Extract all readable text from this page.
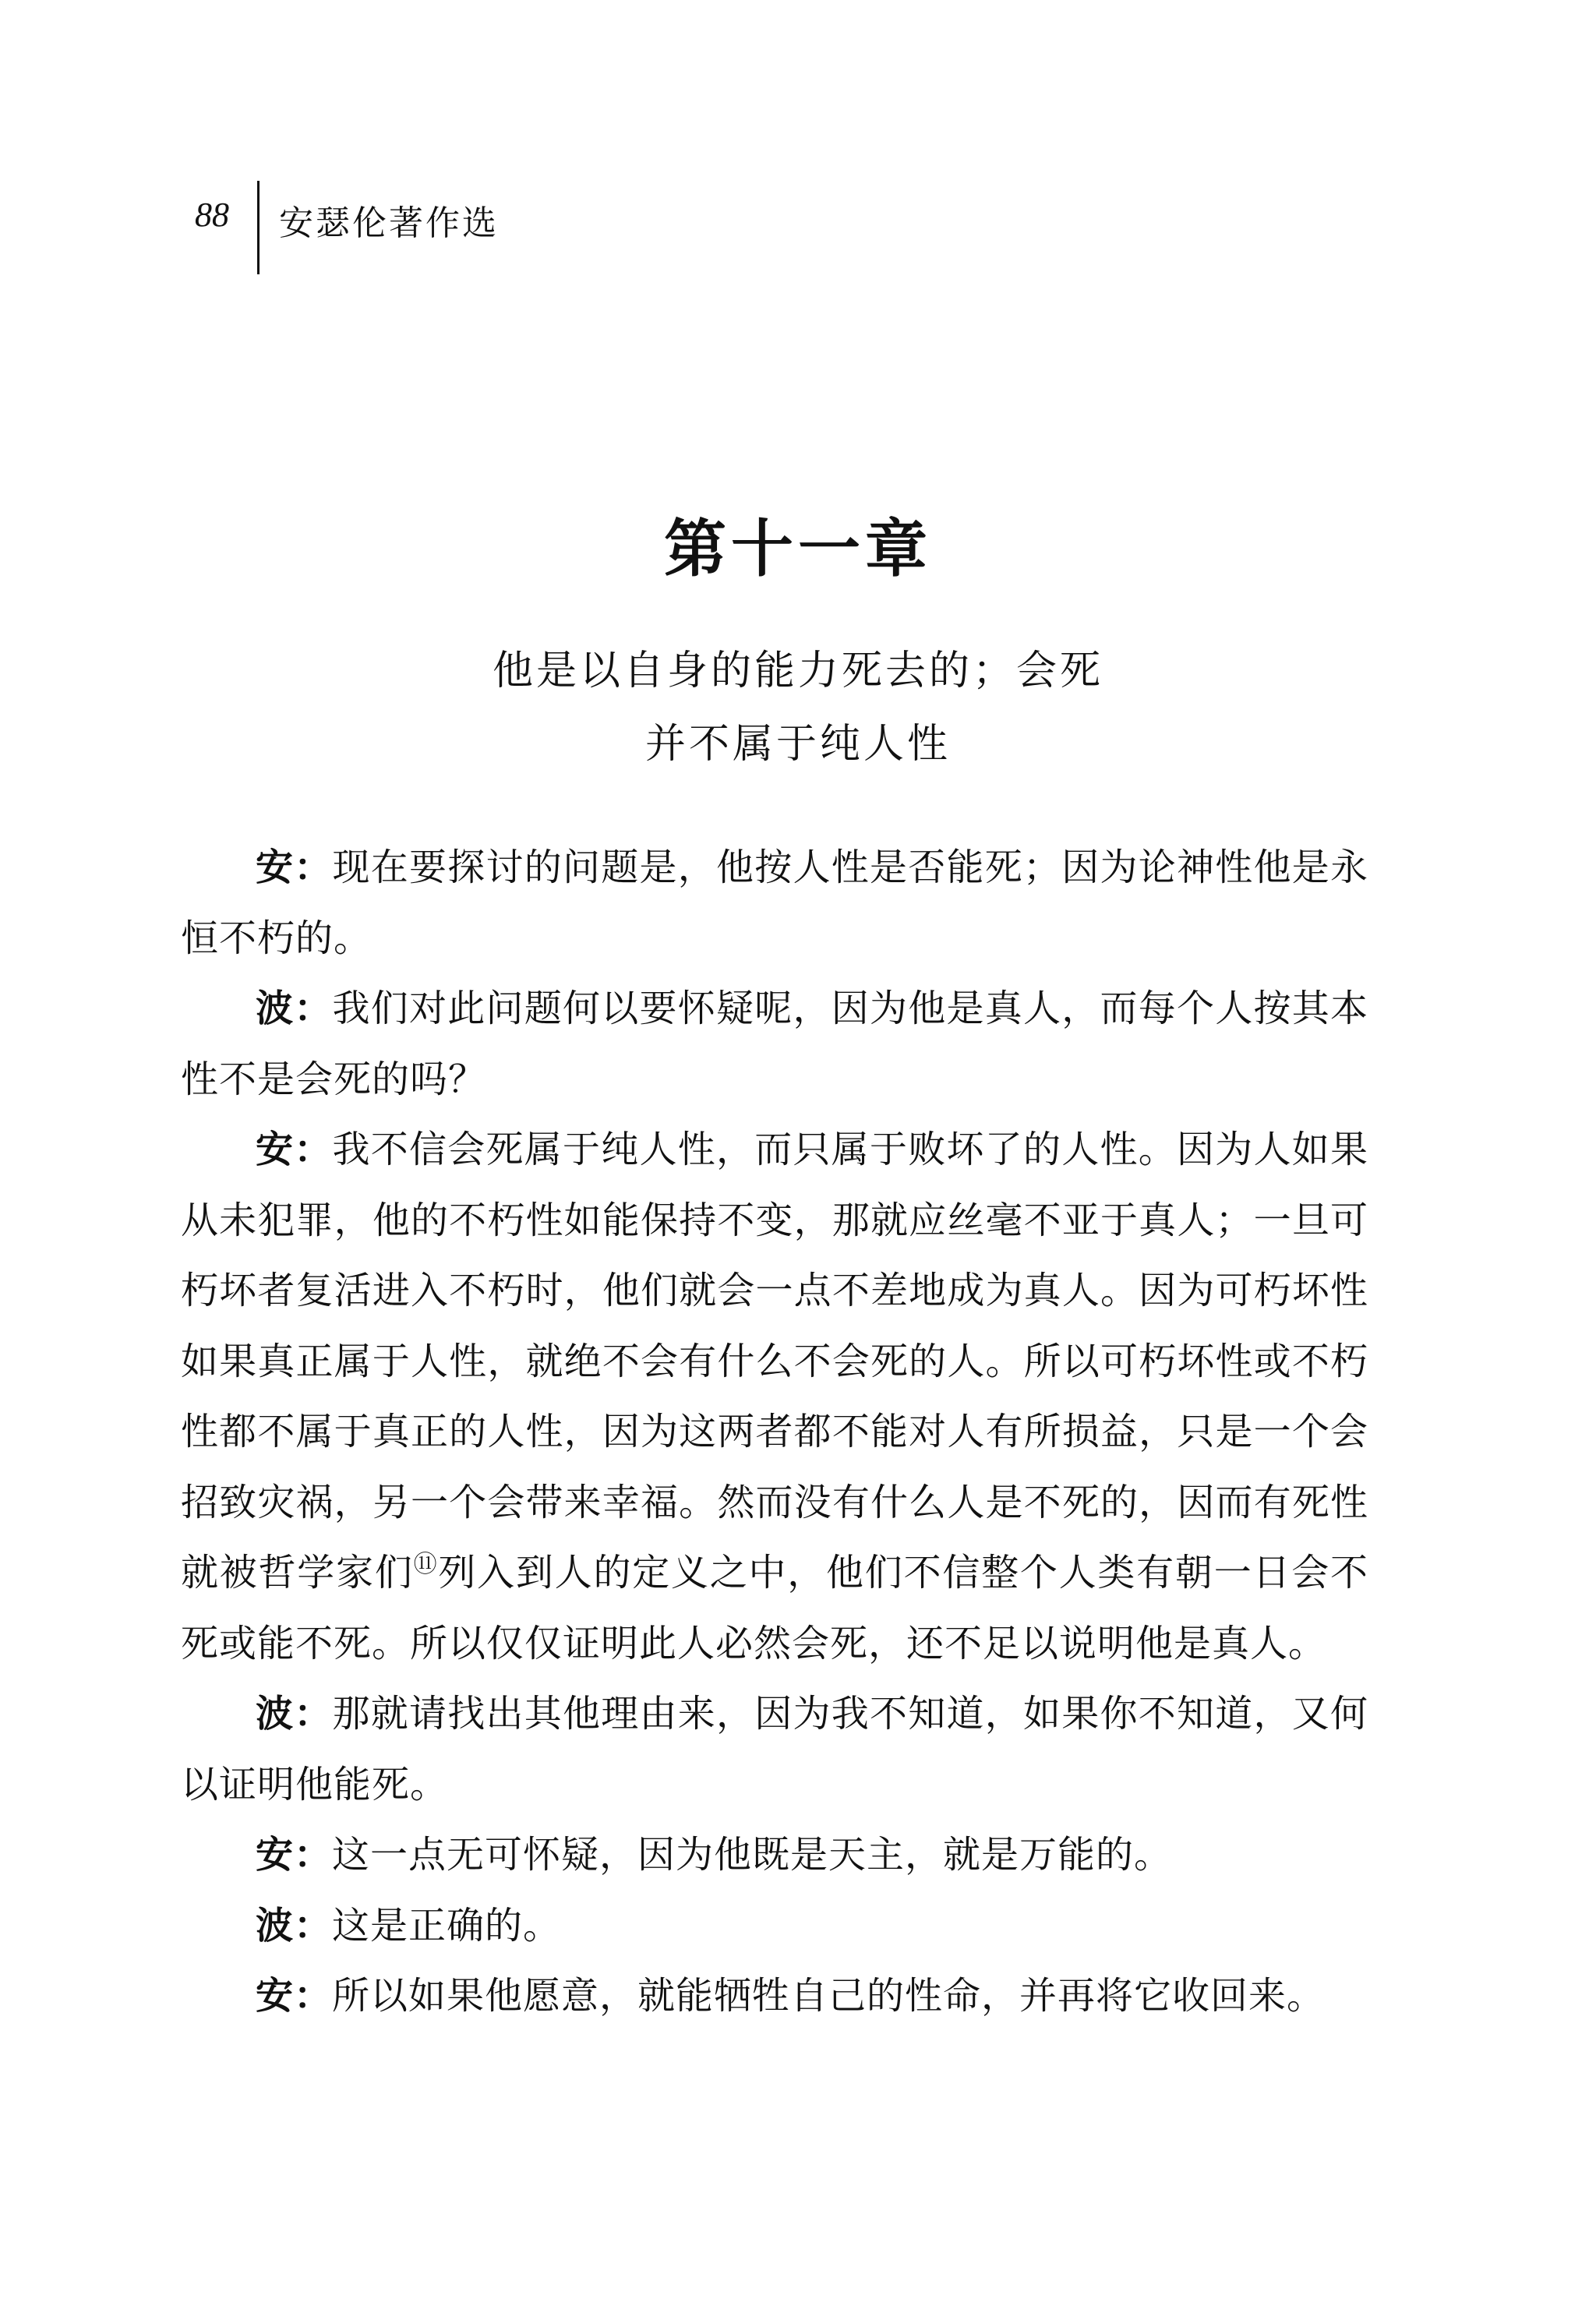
88 安瑟伦著作选
第十一章
他是以自身的能力死去的；会死
并不属于纯人性

安：现在要探讨的问题是，他按人性是否能死；因为论神性他是永恒不朽的。

波：我们对此问题何以要怀疑呢，因为他是真人，而每个人按其本性不是会死的吗？

安：我不信会死属于纯人性，而只属于败坏了的人性。因为人如果从未犯罪，他的不朽性如能保持不变，那就应丝毫不亚于真人；一旦可朽坏者复活进入不朽时，他们就会一点不差地成为真人。因为可朽坏性如果真正属于人性，就绝不会有什么不会死的人。所以可朽坏性或不朽性都不属于真正的人性，因为这两者都不能对人有所损益，只是一个会招致灾祸，另一个会带来幸福。然而没有什么人是不死的，因而有死性就被哲学家们⑪列入到人的定义之中，他们不信整个人类有朝一日会不死或能不死。所以仅仅证明此人必然会死，还不足以说明他是真人。

波：那就请找出其他理由来，因为我不知道，如果你不知道，又何以证明他能死。

安：这一点无可怀疑，因为他既是天主，就是万能的。

波：这是正确的。

安：所以如果他愿意，就能牺牲自己的性命，并再将它收回来。
